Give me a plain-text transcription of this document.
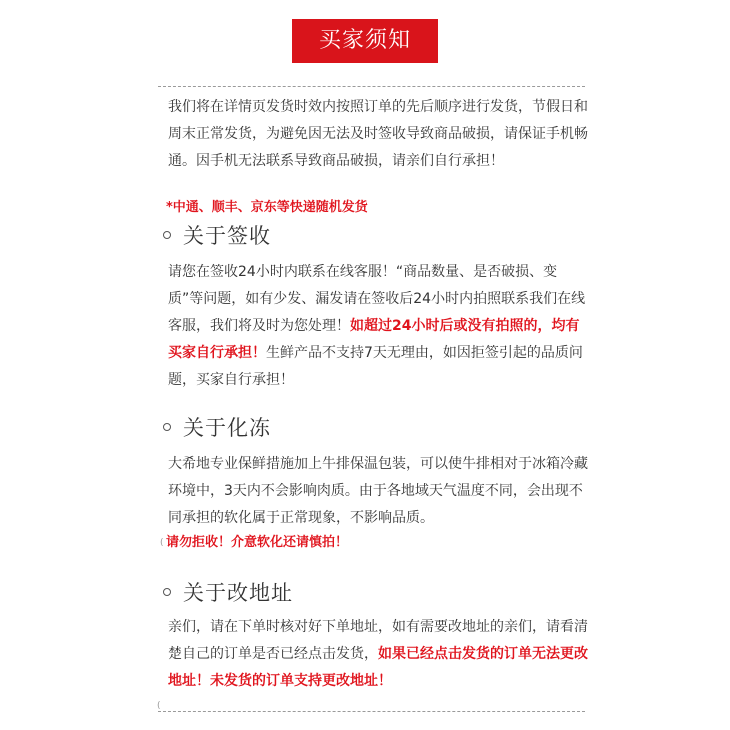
买家须知

我们将在详情页发货时效内按照订单的先后顺序进行发货，节假日和周末正常发货，为避免因无法及时签收导致商品破损，请保证手机畅通。因手机无法联系导致商品破损，请亲们自行承担！

*中通、顺丰、京东等快递随机发货
关于签收

请您在签收24小时内联系在线客服！“商品数量、是否破损、变质”等问题，如有少发、漏发请在签收后24小时内拍照联系我们在线客服，我们将及时为您处理！如超过24小时后或没有拍照的，均有买家自行承担！生鲜产品不支持7天无理由，如因拒签引起的品质问题，买家自行承担！

关于化冻

大希地专业保鲜措施加上牛排保温包装，可以使牛排相对于冰箱冷藏环境中，3天内不会影响肉质。由于各地域天气温度不同，会出现不同承担的软化属于正常现象，不影响品质。

请勿拒收！介意软化还请慎拍！
(
关于改地址

亲们，请在下单时核对好下单地址，如有需要改地址的亲们，请看清楚自己的订单是否已经点击发货，如果已经点击发货的订单无法更改地址！未发货的订单支持更改地址！

(
